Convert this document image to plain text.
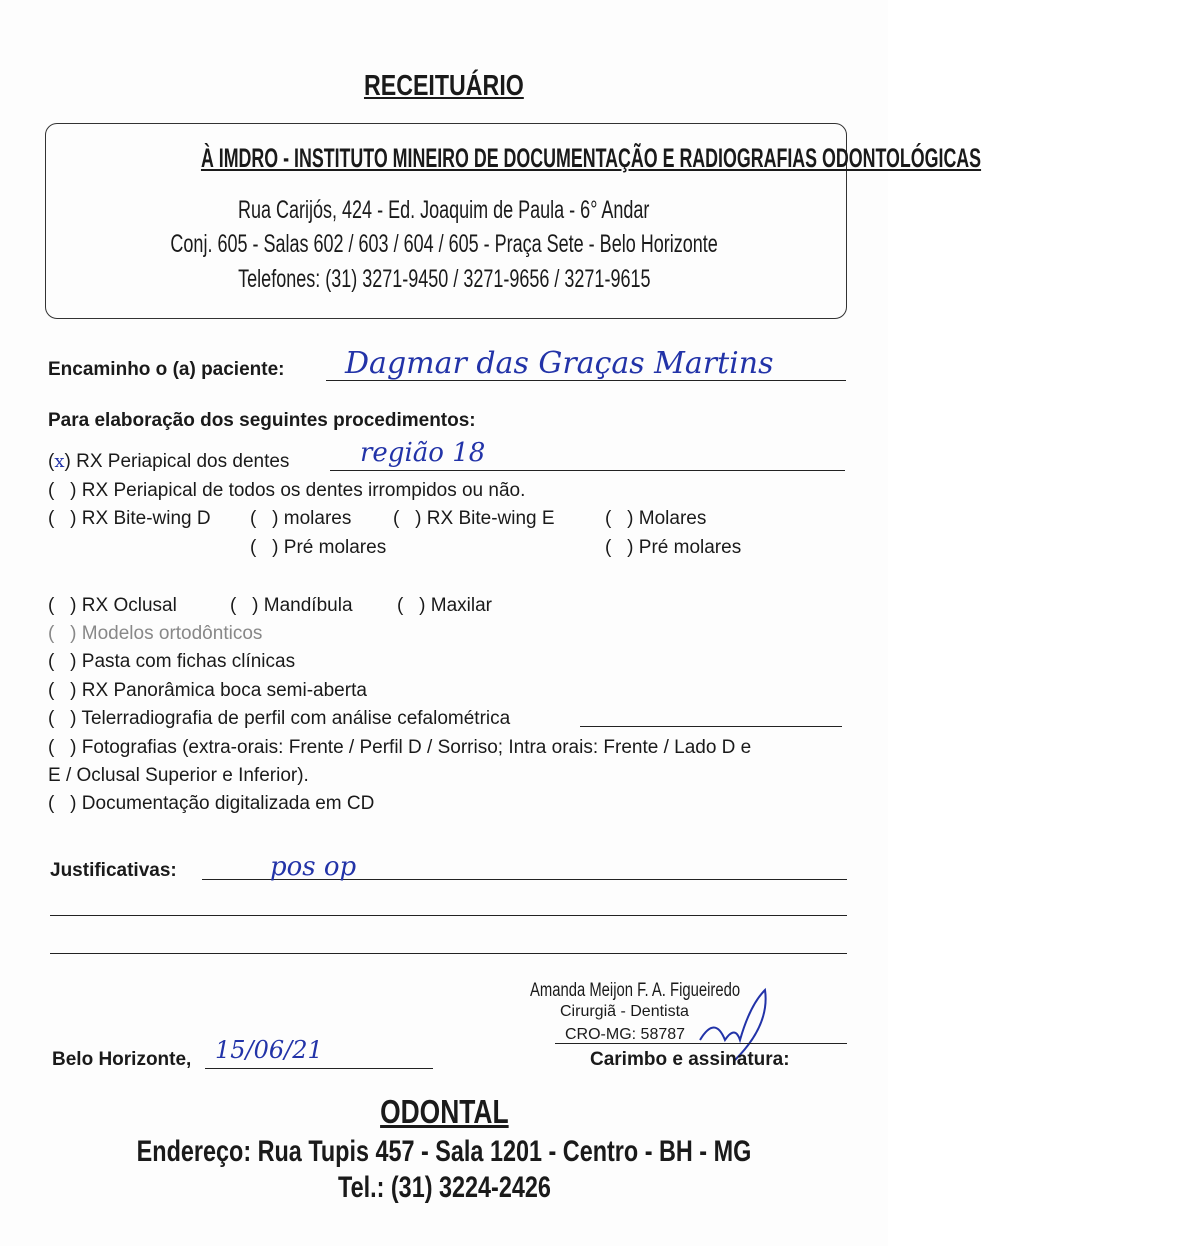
RECEITUÁRIO
À IMDRO - INSTITUTO MINEIRO DE DOCUMENTAÇÃO E RADIOGRAFIAS ODONTOLÓGICAS
Rua Carijós, 424 - Ed. Joaquim de Paula - 6° Andar
Conj. 605 - Salas 602 / 603 / 604 / 605 - Praça Sete - Belo Horizonte
Telefones: (31) 3271-9450 / 3271-9656 / 3271-9615
Encaminho o (a) paciente: Dagmar das Graças Martins
Para elaboração dos seguintes procedimentos:
(x) RX Periapical dos dentes	região 18
(   ) RX Periapical de todos os dentes irrompidos ou não.
(   ) RX Bite-wing D (   ) molares (   ) RX Bite-wing E	(   ) Molares
(   ) Pré molares	(   ) Pré molares
(   ) RX Oclusal	(   ) Mandíbula (   ) Maxilar
(   ) Modelos ortodônticos
(   ) Pasta com fichas clínicas
(   ) RX Panorâmica boca semi-aberta
(   ) Telerradiografia de perfil com análise cefalométrica
(   ) Fotografias (extra-orais: Frente / Perfil D / Sorriso; Intra orais: Frente / Lado D e
E / Oclusal Superior e Inferior).
(   ) Documentação digitalizada em CD
Justificativas:	pos op
Amanda Meijon F. A. Figueiredo
Cirurgiã - Dentista
CRO-MG: 58787
Carimbo e assinatura:
Belo Horizonte, 15/06/21
ODONTAL
Endereço: Rua Tupis 457 - Sala 1201 - Centro - BH - MG
Tel.: (31) 3224-2426
